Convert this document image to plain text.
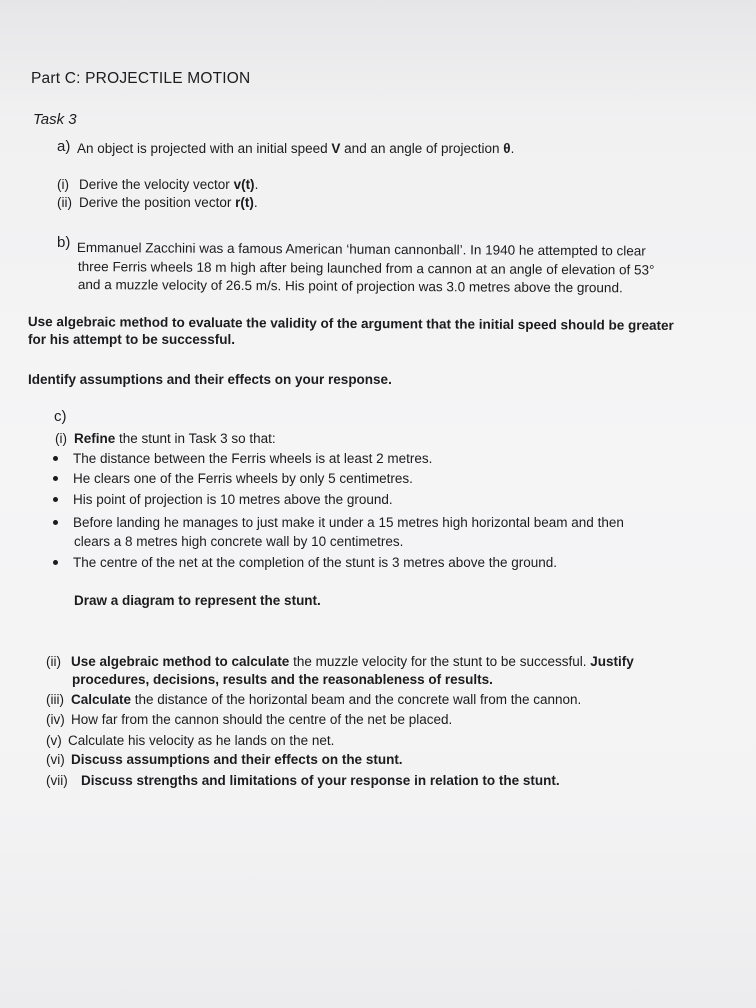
Part C: PROJECTILE MOTION
Task 3
a) An object is projected with an initial speed V and an angle of projection θ.
(i) Derive the velocity vector v(t).
(ii) Derive the position vector r(t).
b) Emmanuel Zacchini was a famous American ‘human cannonball’. In 1940 he attempted to clear
three Ferris wheels 18 m high after being launched from a cannon at an angle of elevation of 53°
and a muzzle velocity of 26.5 m/s. His point of projection was 3.0 metres above the ground.
Use algebraic method to evaluate the validity of the argument that the initial speed should be greater
for his attempt to be successful.
Identify assumptions and their effects on your response.
c)
(i) Refine the stunt in Task 3 so that:
The distance between the Ferris wheels is at least 2 metres.
He clears one of the Ferris wheels by only 5 centimetres.
His point of projection is 10 metres above the ground.
Before landing he manages to just make it under a 15 metres high horizontal beam and then
clears a 8 metres high concrete wall by 10 centimetres.
The centre of the net at the completion of the stunt is 3 metres above the ground.
Draw a diagram to represent the stunt.
(ii) Use algebraic method to calculate the muzzle velocity for the stunt to be successful. Justify
procedures, decisions, results and the reasonableness of results.
(iii) Calculate the distance of the horizontal beam and the concrete wall from the cannon.
(iv) How far from the cannon should the centre of the net be placed.
(v) Calculate his velocity as he lands on the net.
(vi) Discuss assumptions and their effects on the stunt.
(vii) Discuss strengths and limitations of your response in relation to the stunt.
